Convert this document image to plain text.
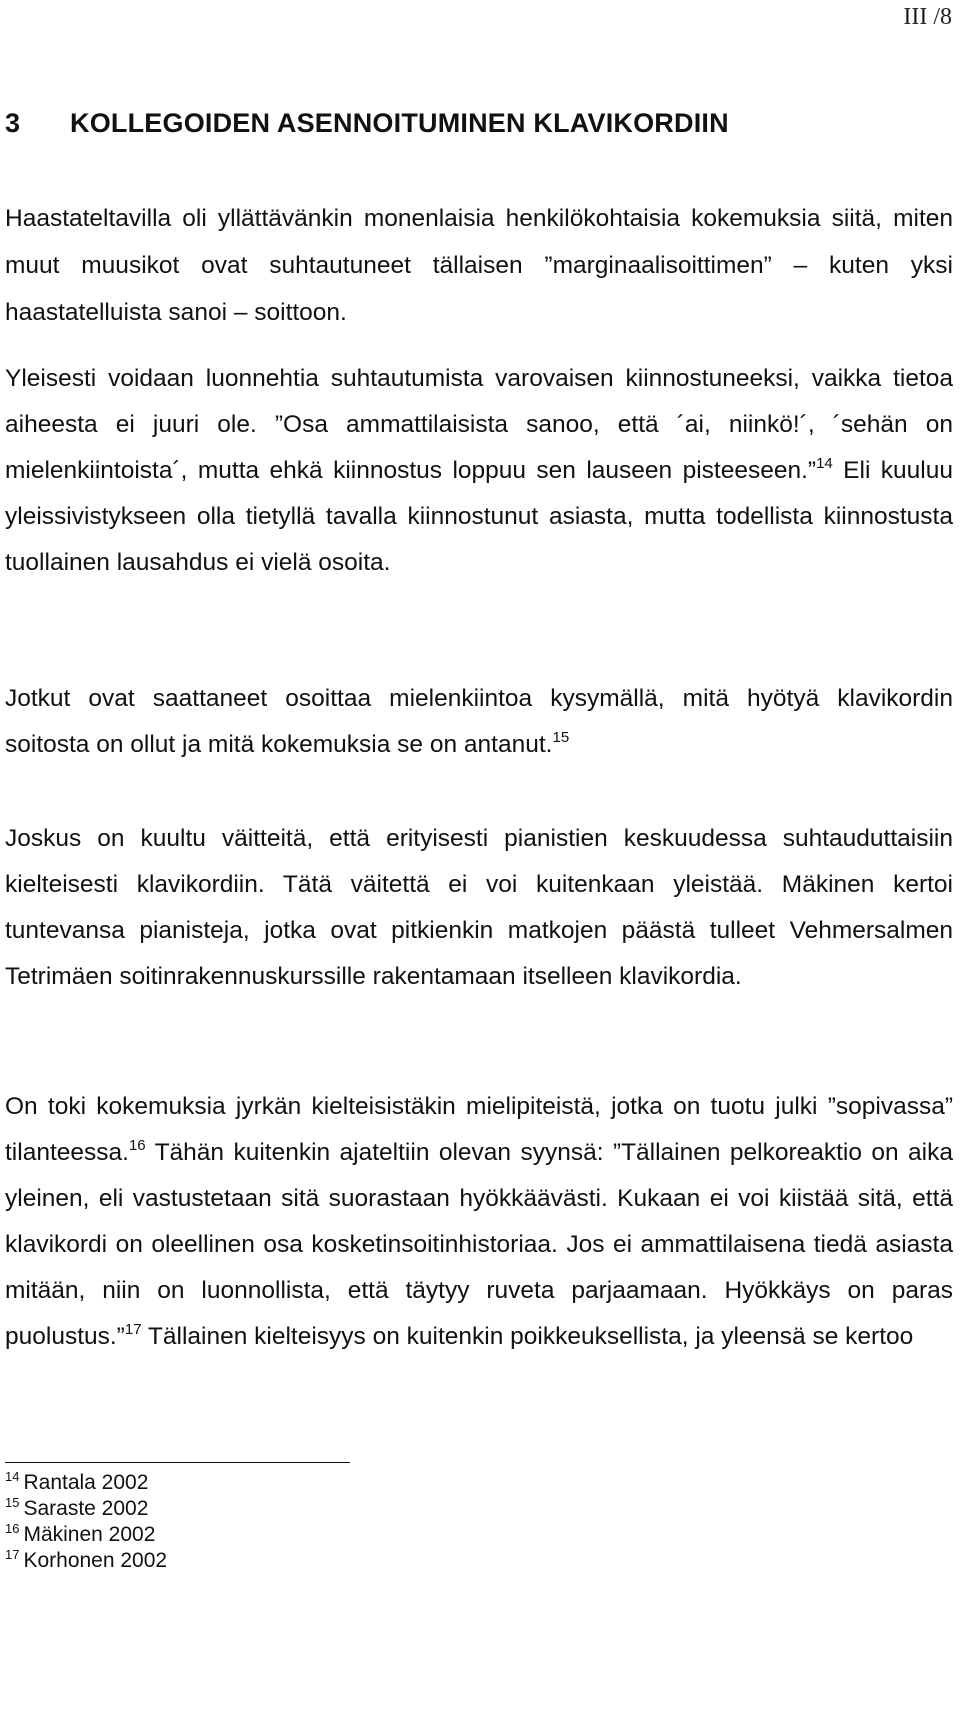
III /8
3 KOLLEGOIDEN ASENNOITUMINEN KLAVIKORDIIN

Haastateltavilla oli yllättävänkin monenlaisia henkilökohtaisia kokemuksia siitä, miten muut muusikot ovat suhtautuneet tällaisen ”marginaalisoittimen” – kuten yksi haastatelluista sanoi – soittoon.

Yleisesti voidaan luonnehtia suhtautumista varovaisen kiinnostuneeksi, vaikka tietoa aiheesta ei juuri ole. ”Osa ammattilaisista sanoo, että ´ai, niinkö!´, ´sehän on mielenkiintoista´, mutta ehkä kiinnostus loppuu sen lauseen pisteeseen.”$^{14}$ Eli kuuluu yleissivistykseen olla tietyllä tavalla kiinnostunut asiasta, mutta todellista kiinnostusta tuollainen lausahdus ei vielä osoita.

Jotkut ovat saattaneet osoittaa mielenkiintoa kysymällä, mitä hyötyä klavikordin soitosta on ollut ja mitä kokemuksia se on antanut.$^{15}$

Joskus on kuultu väitteitä, että erityisesti pianistien keskuudessa suhtauduttaisiin kielteisesti klavikordiin. Tätä väitettä ei voi kuitenkaan yleistää. Mäkinen kertoi tuntevansa pianisteja, jotka ovat pitkienkin matkojen päästä tulleet Vehmersalmen Tetrimäen soitinrakennuskurssille rakentamaan itselleen klavikordia.

On toki kokemuksia jyrkän kielteisistäkin mielipiteistä, jotka on tuotu julki ”sopivassa” tilanteessa.$^{16}$ Tähän kuitenkin ajateltiin olevan syynsä: ”Tällainen pelkoreaktio on aika yleinen, eli vastustetaan sitä suorastaan hyökkäävästi. Kukaan ei voi kiistää sitä, että klavikordi on oleellinen osa kosketinsoitinhistoriaa. Jos ei ammattilaisena tiedä asiasta mitään, niin on luonnollista, että täytyy ruveta parjaamaan. Hyökkäys on paras puolustus.”$^{17}$ Tällainen kielteisyys on kuitenkin poikkeuksellista, ja yleensä se kertoo

$^{14}$ Rantala 2002

$^{15}$ Saraste 2002

$^{16}$ Mäkinen 2002

$^{17}$ Korhonen 2002
